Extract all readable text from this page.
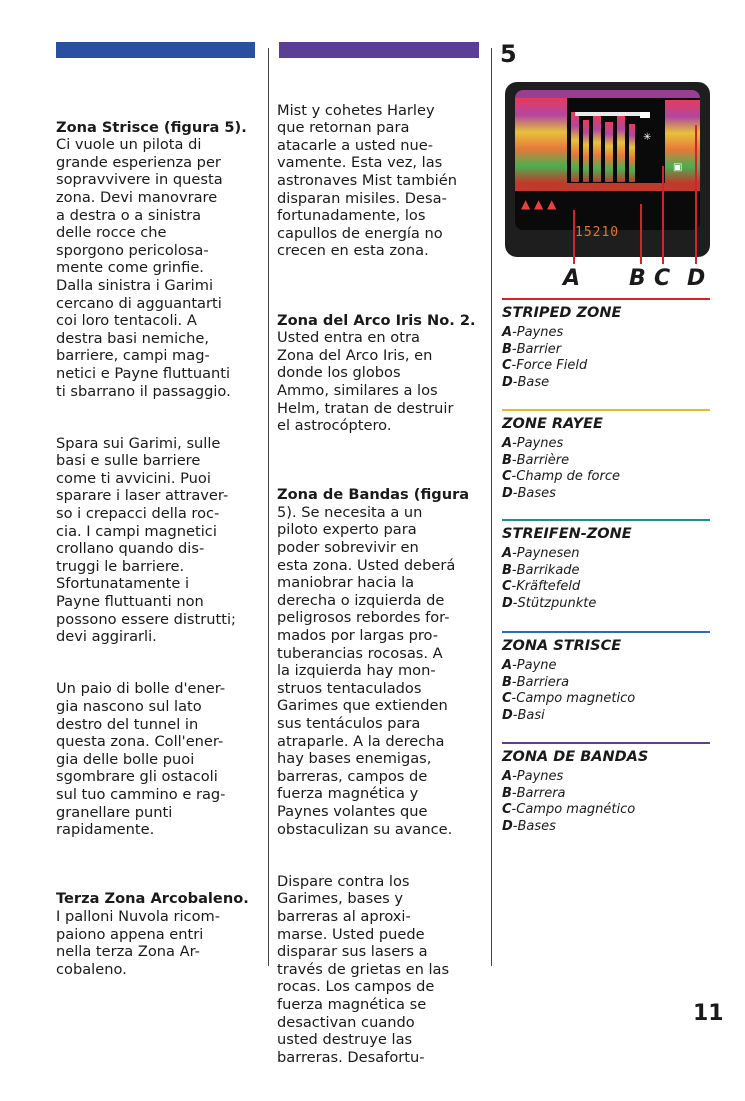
Zona Strisce (figura 5).
Ci vuole un pilota di
grande esperienza per
sopravvivere in questa
zona. Devi manovrare
a destra o a sinistra
delle rocce che
sporgono pericolosa-
mente come grinfie.
Dalla sinistra i Garimi
cercano di agguantarti
coi loro tentacoli. A
destra basi nemiche,
barriere, campi mag-
netici e Payne fluttuanti
ti sbarrano il passaggio.

Spara sui Garimi, sulle
basi e sulle barriere
come ti avvicini. Puoi
sparare i laser attraver-
so i crepacci della roc-
cia. I campi magnetici
crollano quando dis-
truggi le barriere.
Sfortunatamente i
Payne fluttuanti non
possono essere distrutti;
devi aggirarli.

Un paio di bolle d'ener-
gia nascono sul lato
destro del tunnel in
questa zona. Coll'ener-
gia delle bolle puoi
sgombrare gli ostacoli
sul tuo cammino e rag-
granellare punti
rapidamente.

Terza Zona Arcobaleno.
I palloni Nuvola ricom-
paiono appena entri
nella terza Zona Ar-
cobaleno.

Mist y cohetes Harley
que retornan para
atacarle a usted nue-
vamente. Esta vez, las
astronaves Mist también
disparan misiles. Desa-
fortunadamente, los
capullos de energía no
crecen en esta zona.

Zona del Arco Iris No. 2.
Usted entra en otra
Zona del Arco Iris, en
donde los globos
Ammo, similares a los
Helm, tratan de destruir
el astrocóptero.

Zona de Bandas (figura
5). Se necesita a un
piloto experto para
poder sobrevivir en
esta zona. Usted deberá
maniobrar hacia la
derecha o izquierda de
peligrosos rebordes for-
mados por largas pro-
tuberancias rocosas. A
la izquierda hay mon-
struos tentaculados
Garimes que extienden
sus tentáculos para
atraparle. A la derecha
hay bases enemigas,
barreras, campos de
fuerza magnética y
Paynes volantes que
obstaculizan su avance.

Dispare contra los
Garimes, bases y
barreras al aproxi-
marse. Usted puede
disparar sus lasers a
través de grietas en las
rocas. Los campos de
fuerza magnética se
desactivan cuando
usted destruye las
barreras. Desafortu-

5
▲ ▲ ▲
✳
▣
15210
A B C D
STRIPED ZONE
A-Paynes
B-Barrier
C-Force Field
D-Base
ZONE RAYEE
A-Paynes
B-Barrière
C-Champ de force
D-Bases
STREIFEN-ZONE
A-Paynesen
B-Barrikade
C-Kräftefeld
D-Stützpunkte
ZONA STRISCE
A-Payne
B-Barriera
C-Campo magnetico
D-Basi
ZONA DE BANDAS
A-Paynes
B-Barrera
C-Campo magnético
D-Bases
11
